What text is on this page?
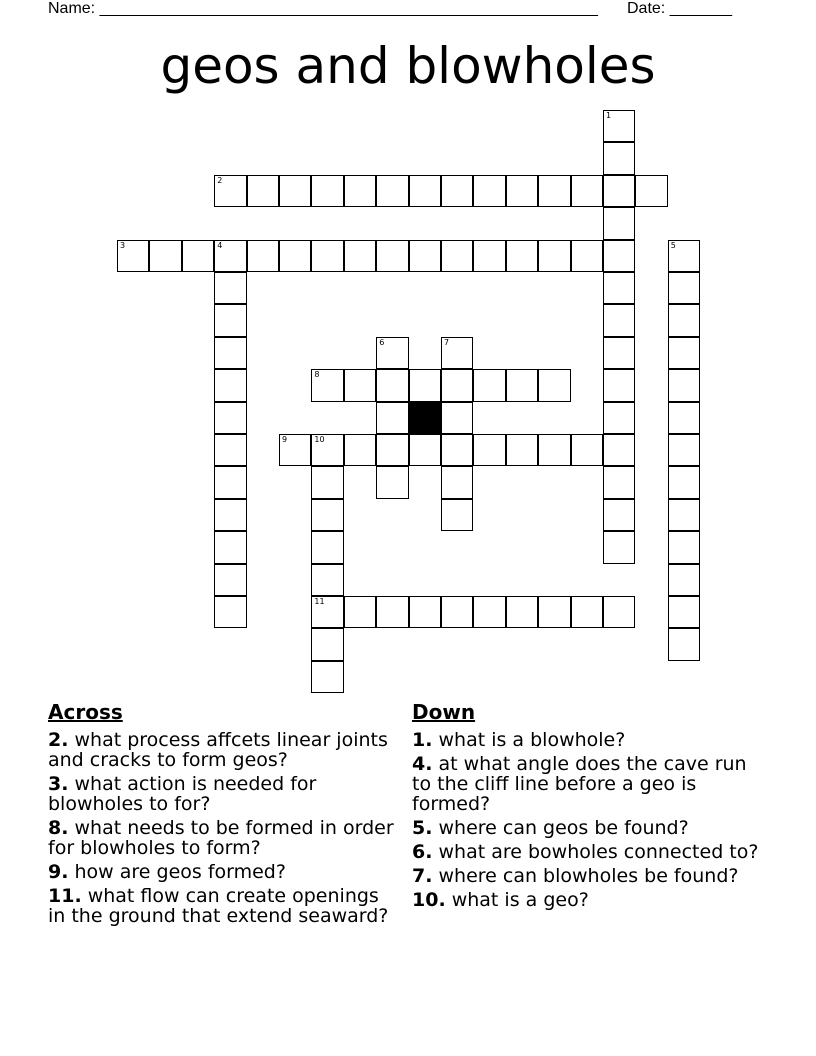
Name: ________________________________________________________ Date: _______
geos and blowholes
1
2
3	4	5
6	7
8
9	10
11
Across
2. what process affcets linear joints and cracks to form geos?
3. what action is needed for blowholes to for?
8. what needs to be formed in order for blowholes to form?
9. how are geos formed?
11. what flow can create openings in the ground that extend seaward?
Down
1. what is a blowhole?
4. at what angle does the cave run to the cliff line before a geo is formed?
5. where can geos be found?
6. what are bowholes connected to?
7. where can blowholes be found?
10. what is a geo?
